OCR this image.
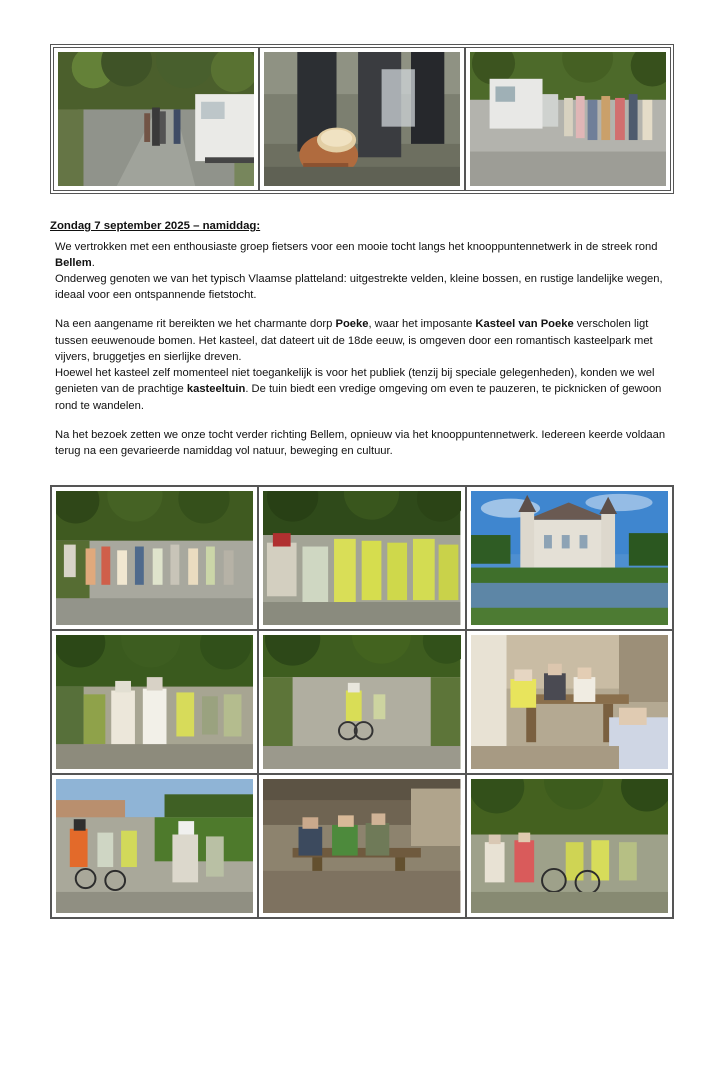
Zondag 7 september 2025 – namiddag:
We vertrokken met een enthousiaste groep fietsers voor een mooie tocht langs het knooppuntennetwerk in de streek rond Bellem.
Onderweg genoten we van het typisch Vlaamse platteland: uitgestrekte velden, kleine bossen, en rustige landelijke wegen, ideaal voor een ontspannende fietstocht.
Na een aangename rit bereikten we het charmante dorp Poeke, waar het imposante Kasteel van Poeke verscholen ligt tussen eeuwenoude bomen. Het kasteel, dat dateert uit de 18de eeuw, is omgeven door een romantisch kasteelpark met vijvers, bruggetjes en sierlijke dreven.
Hoewel het kasteel zelf momenteel niet toegankelijk is voor het publiek (tenzij bij speciale gelegenheden), konden we wel genieten van de prachtige kasteeltuin. De tuin biedt een vredige omgeving om even te pauzeren, te picknicken of gewoon rond te wandelen.
Na het bezoek zetten we onze tocht verder richting Bellem, opnieuw via het knooppuntennetwerk. Iedereen keerde voldaan terug na een gevarieerde namiddag vol natuur, beweging en cultuur.
